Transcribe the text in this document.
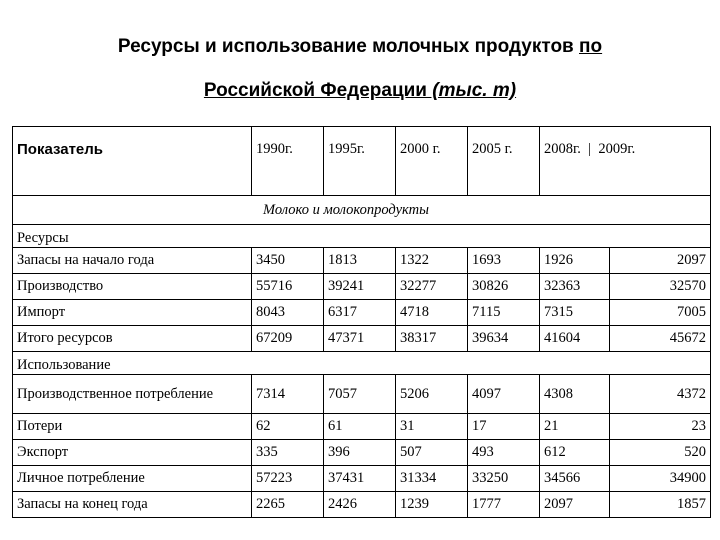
Ресурсы и использование молочных продуктов по
Российской Федерации (тыс. т)
Показатель	1990г.	1995г.	2000 г.	2005 г.	2008г.  |  2009г.	
Молоко и молокопродукты						
Ресурсы						
Запасы на начало года	3450	1813	1322	1693	1926	2097
Производство	55716	39241	32277	30826	32363	32570
Импорт	8043	6317	4718	7115	7315	7005
Итого ресурсов	67209	47371	38317	39634	41604	45672
Использование						
Производственное потребление	7314	7057	5206	4097	4308	4372
Потери	62	61	31	17	21	23
Экспорт	335	396	507	493	612	520
Личное потребление	57223	37431	31334	33250	34566	34900
Запасы на конец года	2265	2426	1239	1777	2097	1857
